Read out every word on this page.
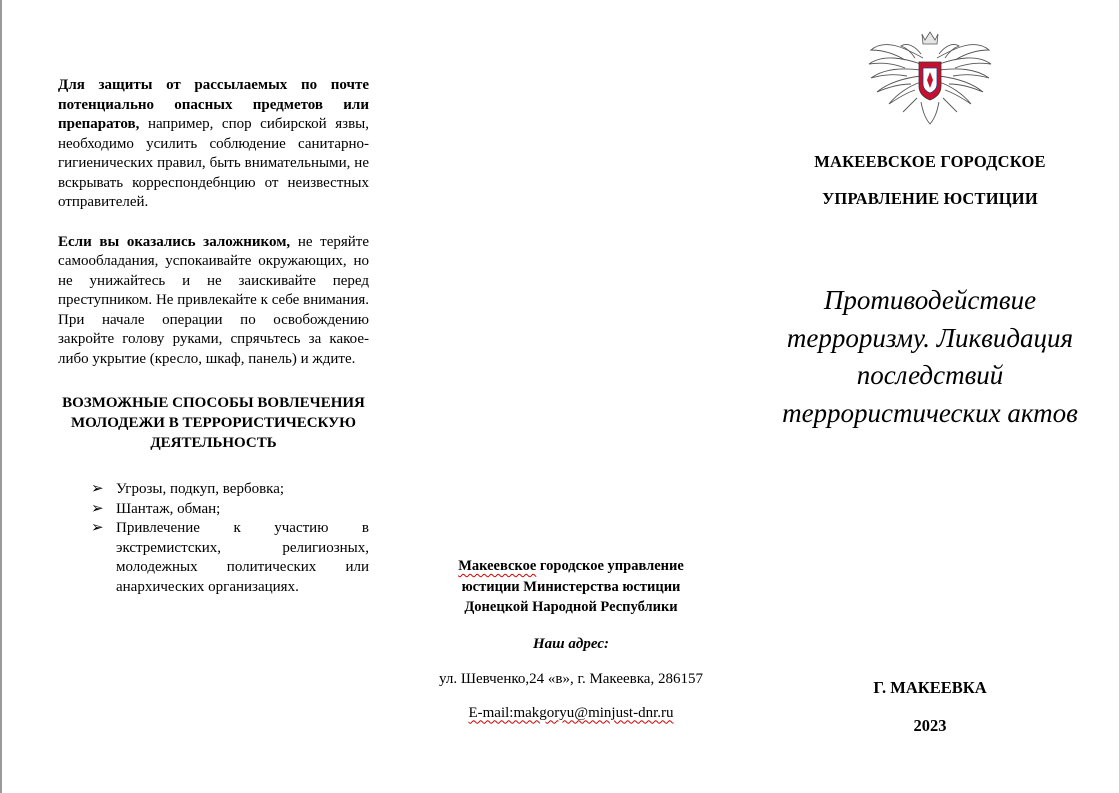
Для защиты от рассылаемых по почте потенциально опасных предметов или препаратов, например, спор сибирской язвы, необходимо усилить соблюдение санитарно-гигиенических правил, быть внимательными, не вскрывать корреспондебнцию от неизвестных отправителей.

Если вы оказались заложником, не теряйте самообладания, успокаивайте окружающих, но не унижайтесь и не заискивайте перед преступником. Не привлекайте к себе внимания. При начале операции по освобождению закройте голову руками, спрячьтесь за какое-либо укрытие (кресло, шкаф, панель) и ждите.

ВОЗМОЖНЫЕ СПОСОБЫ ВОВЛЕЧЕНИЯ МОЛОДЕЖИ В ТЕРРОРИСТИЧЕСКУЮ ДЕЯТЕЛЬНОСТЬ
➢ Угрозы, подкуп, вербовка;
➢ Шантаж, обман;
➢ Привлечение к участию в экстремистских, религиозных, молодежных политических или анархических организациях.
Макеевское городское управление
юстиции Министерства юстиции
Донецкой Народной Республики
Наш адрес:
ул. Шевченко,24 «в», г. Макеевка, 286157
E-mail:makgoryu@minjust-dnr.ru
МАКЕЕВСКОЕ ГОРОДСКОЕ
УПРАВЛЕНИЕ ЮСТИЦИИ
Противодействие терроризму. Ликвидация последствий террористических актов
Г. МАКЕЕВКА
2023
